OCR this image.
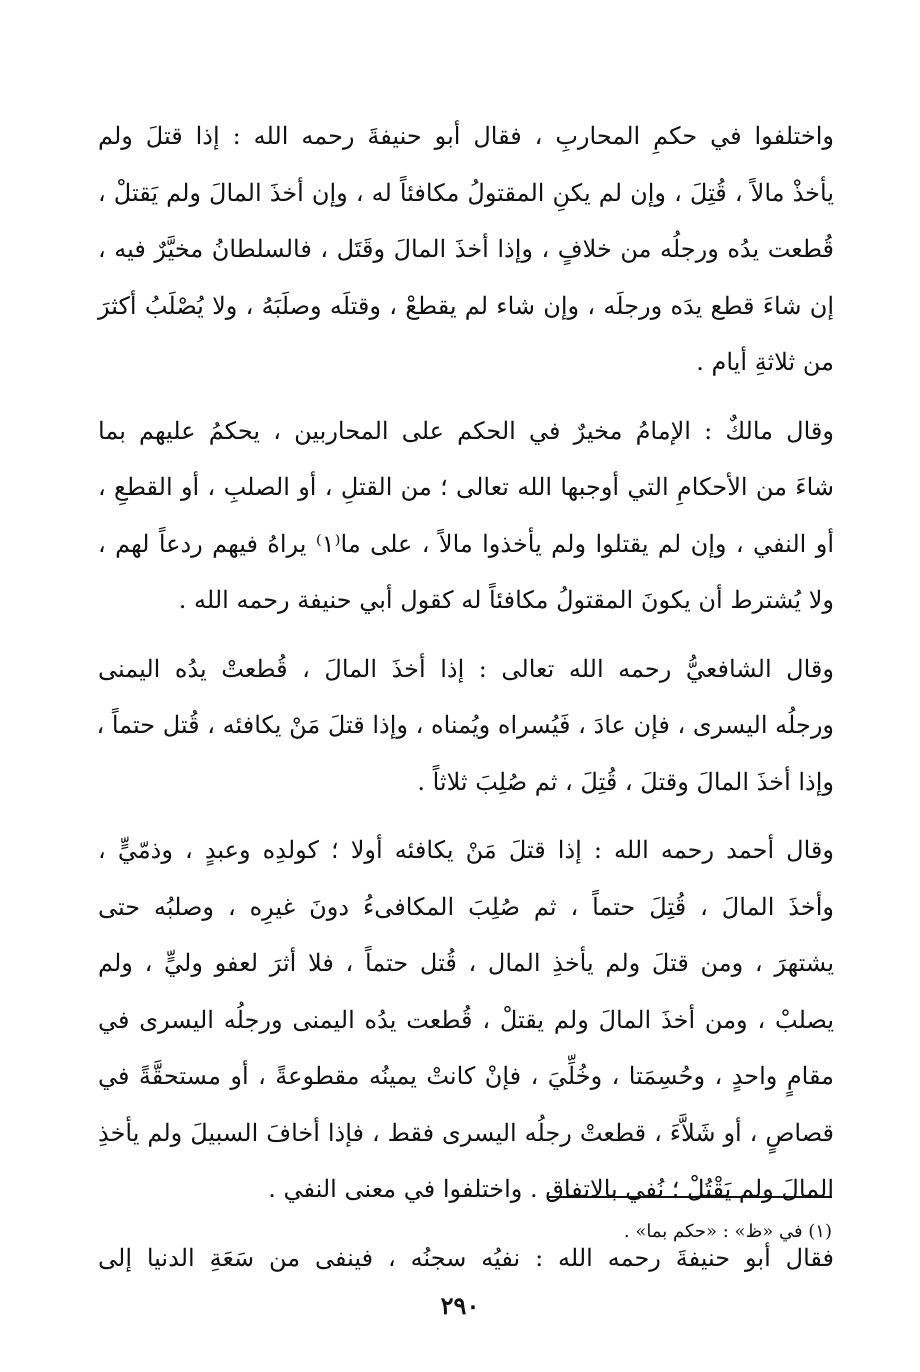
واختلفوا في حكمِ المحاربِ ، فقال أبو حنيفةَ رحمه الله : إذا قتلَ ولم
يأخذْ مالاً ، قُتِلَ ، وإن لم يكنِ المقتولُ مكافئاً له ، وإن أخذَ المالَ ولم يَقتلْ ،
قُطعت يدُه ورجلُه من خلافٍ ، وإذا أخذَ المالَ وقَتَل ، فالسلطانُ مخيَّرٌ فيه ،
إن شاءَ قطع يدَه ورجلَه ، وإن شاء لم يقطعْ ، وقتلَه وصلَبَهُ ، ولا يُصْلَبُ أكثرَ
من ثلاثةِ أيام .

وقال مالكٌ : الإمامُ مخيرٌ في الحكم على المحاربين ، يحكمُ عليهم بما
شاءَ من الأحكامِ التي أوجبها الله تعالى ؛ من القتلِ ، أو الصلبِ ، أو القطعِ ،
أو النفي ، وإن لم يقتلوا ولم يأخذوا مالاً ، على ما⁽١⁾ يراهُ فيهم ردعاً لهم ،
ولا يُشترط أن يكونَ المقتولُ مكافئاً له كقول أبي حنيفة رحمه الله .

وقال الشافعيُّ رحمه الله تعالى : إذا أخذَ المالَ ، قُطعتْ يدُه اليمنى
ورجلُه اليسرى ، فإن عادَ ، فَيُسراه ويُمناه ، وإذا قتلَ مَنْ يكافئه ، قُتل حتماً ،
وإذا أخذَ المالَ وقتلَ ، قُتِلَ ، ثم صُلِبَ ثلاثاً .

وقال أحمد رحمه الله : إذا قتلَ مَنْ يكافئه أولا ؛ كولدِه وعبدٍ ، وذمّيٍّ ،
وأخذَ المالَ ، قُتِلَ حتماً ، ثم صُلِبَ المكافىءُ دونَ غيرِه ، وصلبُه حتى
يشتهرَ ، ومن قتلَ ولم يأخذِ المال ، قُتل حتماً ، فلا أثرَ لعفو وليٍّ ، ولم
يصلبْ ، ومن أخذَ المالَ ولم يقتلْ ، قُطعت يدُه اليمنى ورجلُه اليسرى في
مقامٍ واحدٍ ، وحُسِمَتا ، وخُلِّيَ ، فإنْ كانتْ يمينُه مقطوعةً ، أو مستحقَّةً في
قصاصٍ ، أو شَلاَّءَ ، قطعتْ رجلُه اليسرى فقط ، فإذا أخافَ السبيلَ ولم يأخذِ
المالَ ولم يَقْتُلْ ؛ نُفي بالاتفاق . واختلفوا في معنى النفي .

فقال أبو حنيفةَ رحمه الله : نفيُه سجنُه ، فينفى من سَعَةِ الدنيا إلى

(١) في «ظ» : «حكم بما» .
٢٩٠
